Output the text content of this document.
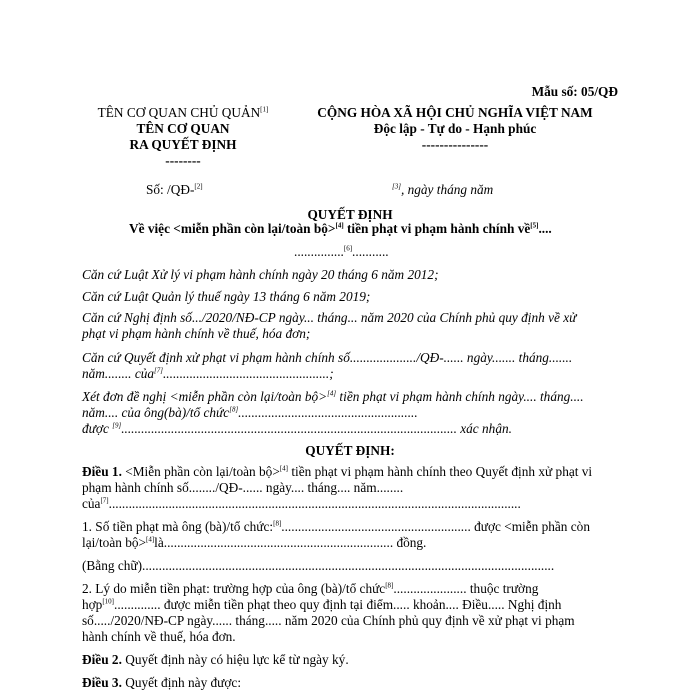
Mẫu số: 05/QĐ
TÊN CƠ QUAN CHỦ QUẢN[1]
TÊN CƠ QUAN
RA QUYẾT ĐỊNH
--------
CỘNG HÒA XÃ HỘI CHỦ NGHĨA VIỆT NAM
Độc lập - Tự do - Hạnh phúc
---------------
Số: /QĐ-[2]	[3], ngày tháng năm
QUYẾT ĐỊNH
Về việc <miễn phần còn lại/toàn bộ>[4] tiền phạt vi phạm hành chính về[5]....
...............[6]...........
Căn cứ Luật Xử lý vi phạm hành chính ngày 20 tháng 6 năm 2012;
Căn cứ Luật Quản lý thuế ngày 13 tháng 6 năm 2019;
Căn cứ Nghị định số.../2020/NĐ-CP ngày... tháng... năm 2020 của Chính phủ quy định về xử
phạt vi phạm hành chính về thuế, hóa đơn;
Căn cứ Quyết định xử phạt vi phạm hành chính số..................../QĐ-...... ngày....... tháng.......
năm........ của[7]..................................................;
Xét đơn đề nghị <miễn phần còn lại/toàn bộ>[4] tiền phạt vi phạm hành chính ngày.... tháng....
năm.... của ông(bà)/tổ chức[8]......................................................
được [9]..................................................................................................... xác nhận.
QUYẾT ĐỊNH:
Điều 1. <Miễn phần còn lại/toàn bộ>[4] tiền phạt vi phạm hành chính theo Quyết định xử phạt vi
phạm hành chính số......../QĐ-...... ngày.... tháng.... năm........
của[7]............................................................................................................................
1. Số tiền phạt mà ông (bà)/tổ chức:[8]......................................................... được <miễn phần còn
lại/toàn bộ>[4]là..................................................................... đồng.
(Bằng chữ)............................................................................................................................
2. Lý do miễn tiền phạt: trường hợp của ông (bà)/tổ chức[8]...................... thuộc trường
hợp[10].............. được miễn tiền phạt theo quy định tại điểm..... khoản.... Điều..... Nghị định
số...../2020/NĐ-CP ngày...... tháng..... năm 2020 của Chính phủ quy định về xử phạt vi phạm
hành chính về thuế, hóa đơn.
Điều 2. Quyết định này có hiệu lực kể từ ngày ký.
Điều 3. Quyết định này được:
